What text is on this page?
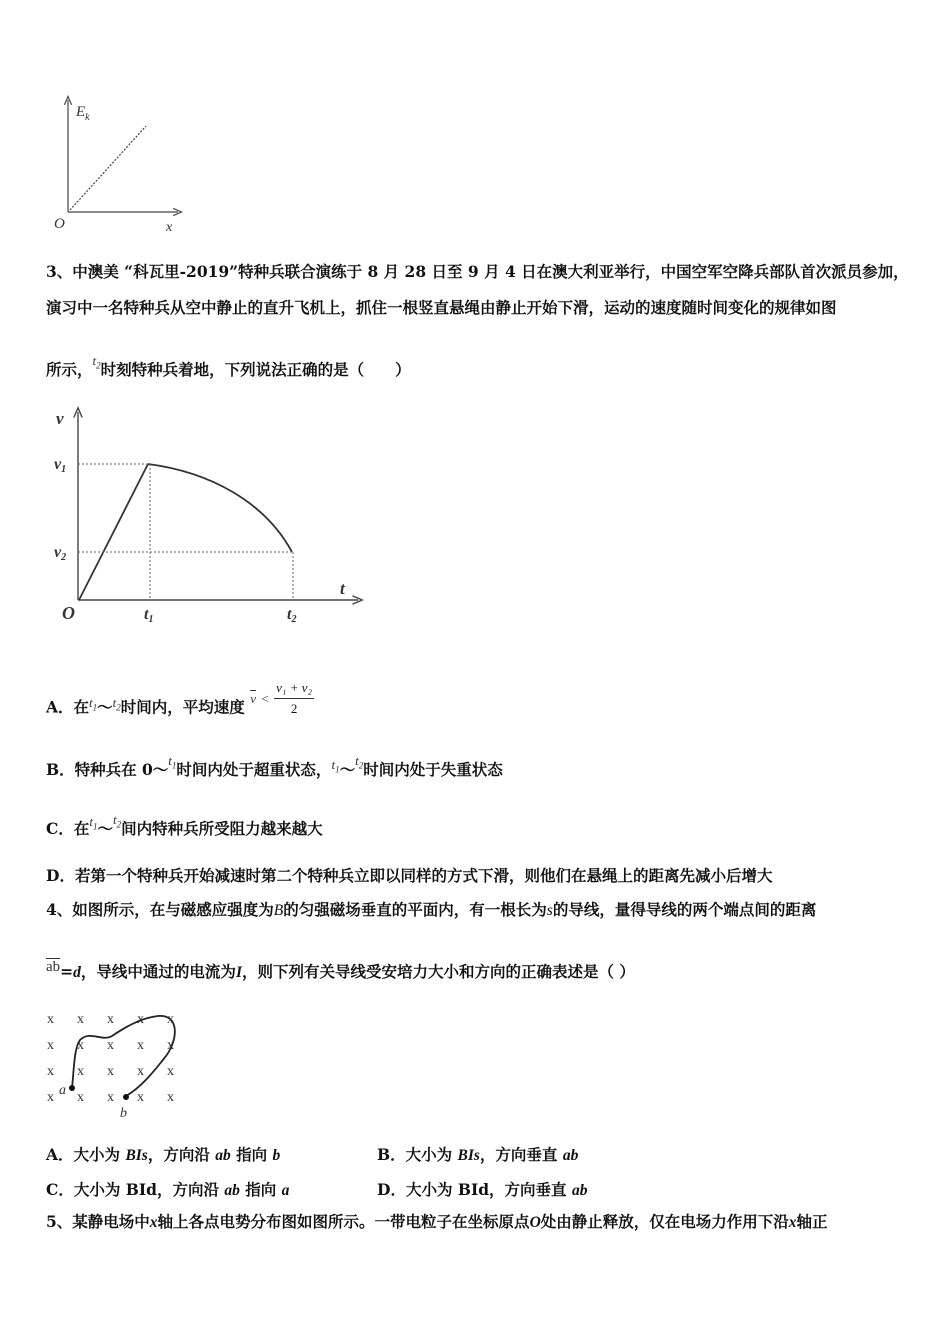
$E_k$
O	x
3、中澳美 “科瓦里-2019”特种兵联合演练于 8 月 28 日至 9 月 4 日在澳大利亚举行，中国空军空降兵部队首次派员参加，
演习中一名特种兵从空中静止的直升飞机上，抓住一根竖直悬绳由静止开始下滑，运动的速度随时间变化的规律如图
所示，$^{t_2}$时刻特种兵着地，下列说法正确的是（　　）
v
v1
v2
O	t1	t2
t
A．在$^{t_1}$～$^{t_2}$时间内，平均速度 $^{\overline{v}}$ $^< \frac{\text{v₁ + v₂}}{2}$
B．特种兵在 0～$^{t_1}$时间内处于超重状态，$^{t_1}$～$^{t_2}$时间内处于失重状态
C．在$^{t_1}$～$^{t_2}$间内特种兵所受阻力越来越大
D．若第一个特种兵开始减速时第二个特种兵立即以同样的方式下滑，则他们在悬绳上的距离先减小后增大
4、如图所示，在与磁感应强度为B的匀强磁场垂直的平面内，有一根长为s的导线，量得导线的两个端点间的距离
$\overline{ab}=d$，导线中通过的电流为I，则下列有关导线受安培力大小和方向的正确表述是（ ）
x x x x x
x x x x x
x x x x x
x x x x x
a
b
A．大小为 BIs，方向沿 ab 指向 b	B．大小为 BIs，方向垂直 ab
C．大小为 BId，方向沿 ab 指向 a	D．大小为 BId，方向垂直 ab
5、某静电场中x轴上各点电势分布图如图所示。一带电粒子在坐标原点O处由静止释放，仅在电场力作用下沿x轴正
